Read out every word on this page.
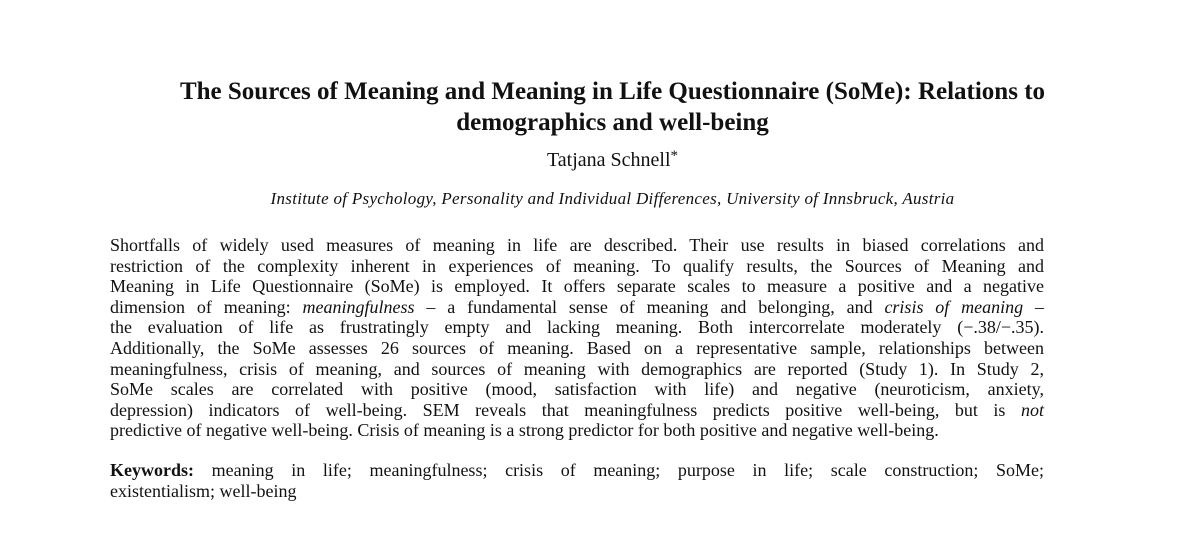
The Sources of Meaning and Meaning in Life Questionnaire (SoMe): Relations to
demographics and well-being

Tatjana Schnell*

Institute of Psychology, Personality and Individual Differences, University of Innsbruck, Austria

Shortfalls of widely used measures of meaning in life are described. Their use results in biased correlations and
restriction of the complexity inherent in experiences of meaning. To qualify results, the Sources of Meaning and
Meaning in Life Questionnaire (SoMe) is employed. It offers separate scales to measure a positive and a negative
dimension of meaning: meaningfulness – a fundamental sense of meaning and belonging, and crisis of meaning –
the evaluation of life as frustratingly empty and lacking meaning. Both intercorrelate moderately (−.38/−.35).
Additionally, the SoMe assesses 26 sources of meaning. Based on a representative sample, relationships between
meaningfulness, crisis of meaning, and sources of meaning with demographics are reported (Study 1). In Study 2,
SoMe scales are correlated with positive (mood, satisfaction with life) and negative (neuroticism, anxiety,
depression) indicators of well-being. SEM reveals that meaningfulness predicts positive well-being, but is not
predictive of negative well-being. Crisis of meaning is a strong predictor for both positive and negative well-being.
Keywords: meaning in life; meaningfulness; crisis of meaning; purpose in life; scale construction; SoMe;
existentialism; well-being
